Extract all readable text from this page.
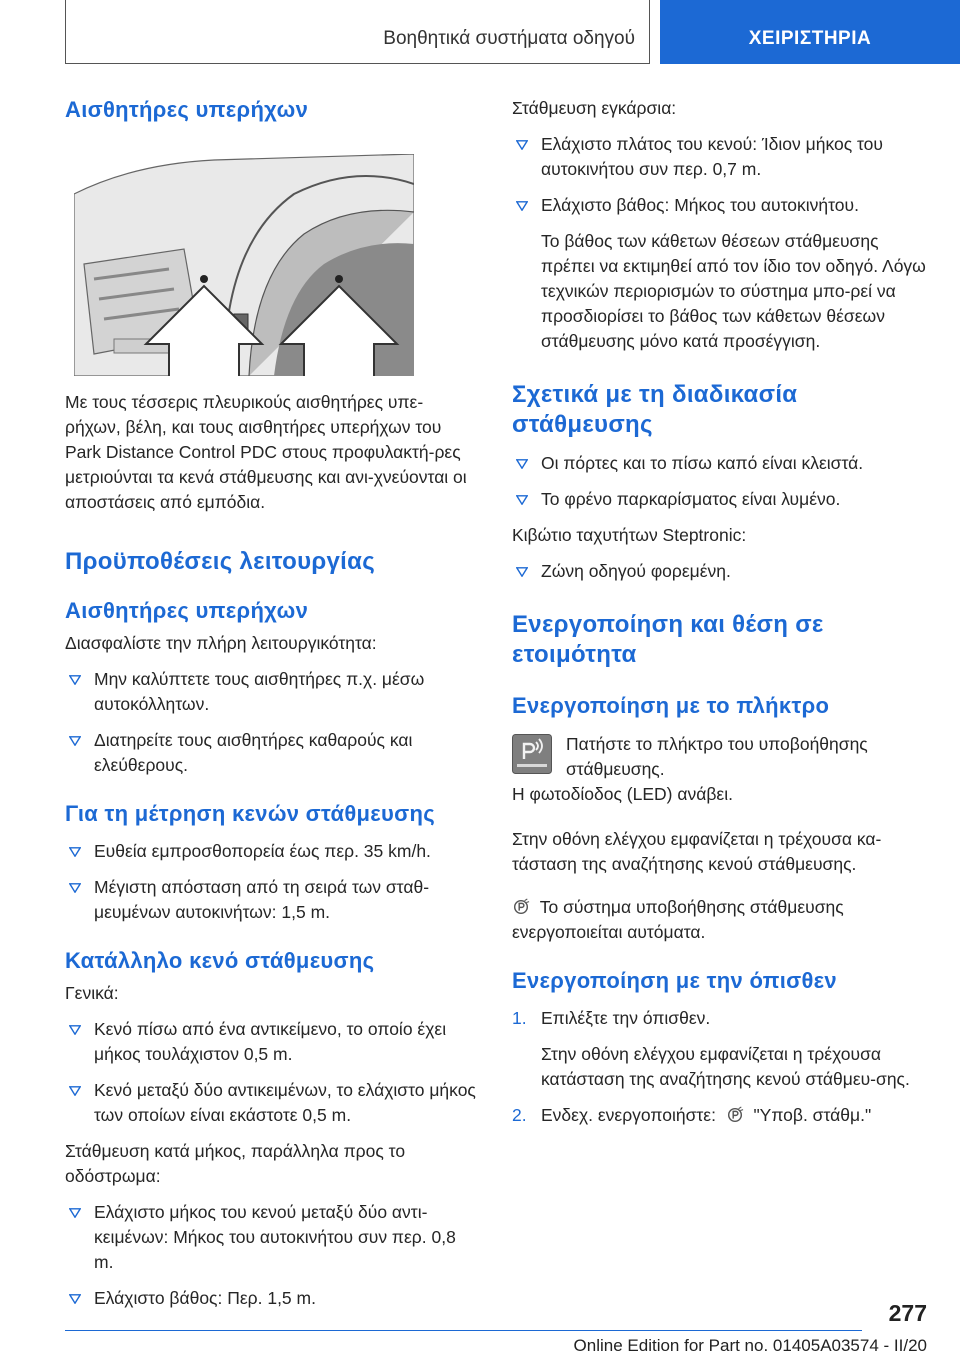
Βοηθητικά συστήματα οδηγού	ΧΕΙΡΙΣΤΗΡΙΑ
Αισθητήρες υπερήχων

Με τους τέσσερις πλευρικούς αισθητήρες υπε-ρήχων, βέλη, και τους αισθητήρες υπερήχων του Park Distance Control PDC στους προφυλακτή-ρες μετριούνται τα κενά στάθμευσης και ανι-χνεύονται οι αποστάσεις από εμπόδια.

Προϋποθέσεις λειτουργίας
Αισθητήρες υπερήχων

Διασφαλίστε την πλήρη λειτουργικότητα:

Μην καλύπτετε τους αισθητήρες π.χ. μέσω αυτοκόλλητων.
Διατηρείτε τους αισθητήρες καθαρούς και ελεύθερους.
Για τη μέτρηση κενών στάθμευσης
Ευθεία εμπροσθοπορεία έως περ. 35 km/h.
Μέγιστη απόσταση από τη σειρά των σταθ-μευμένων αυτοκινήτων: 1,5 m.
Κατάλληλο κενό στάθμευσης

Γενικά:

Κενό πίσω από ένα αντικείμενο, το οποίο έχει μήκος τουλάχιστον 0,5 m.
Κενό μεταξύ δύο αντικειμένων, το ελάχιστο μήκος των οποίων είναι εκάστοτε 0,5 m.

Στάθμευση κατά μήκος, παράλληλα προς το οδόστρωμα:

Ελάχιστο μήκος του κενού μεταξύ δύο αντι-κειμένων: Μήκος του αυτοκινήτου συν περ. 0,8 m.
Ελάχιστο βάθος: Περ. 1,5 m.

Στάθμευση εγκάρσια:

Ελάχιστο πλάτος του κενού: Ίδιον μήκος του αυτοκινήτου συν περ. 0,7 m.
Ελάχιστο βάθος: Μήκος του αυτοκινήτου.
Το βάθος των κάθετων θέσεων στάθμευσης πρέπει να εκτιμηθεί από τον ίδιο τον οδηγό. Λόγω τεχνικών περιορισμών το σύστημα μπο-ρεί να προσδιορίσει το βάθος των κάθετων θέσεων στάθμευσης μόνο κατά προσέγγιση.
Σχετικά με τη διαδικασία στάθμευσης
Οι πόρτες και το πίσω καπό είναι κλειστά.
Το φρένο παρκαρίσματος είναι λυμένο.

Κιβώτιο ταχυτήτων Steptronic:

Ζώνη οδηγού φορεμένη.
Ενεργοποίηση και θέση σε ετοιμότητα
Ενεργοποίηση με το πλήκτρο

Πατήστε το πλήκτρο του υποβοήθησης στάθμευσης.

Η φωτοδίοδος (LED) ανάβει.

Στην οθόνη ελέγχου εμφανίζεται η τρέχουσα κα-τάσταση της αναζήτησης κενού στάθμευσης.

Το σύστημα υποβοήθησης στάθμευσης ενεργοποιείται αυτόματα.

Ενεργοποίηση με την όπισθεν
1. Επιλέξτε την όπισθεν.
Στην οθόνη ελέγχου εμφανίζεται η τρέχουσα κατάσταση της αναζήτησης κενού στάθμευ-σης.
2. Ενδεχ. ενεργοποιήστε: "Υποβ. στάθμ."
277
Online Edition for Part no. 01405A03574 - II/20
